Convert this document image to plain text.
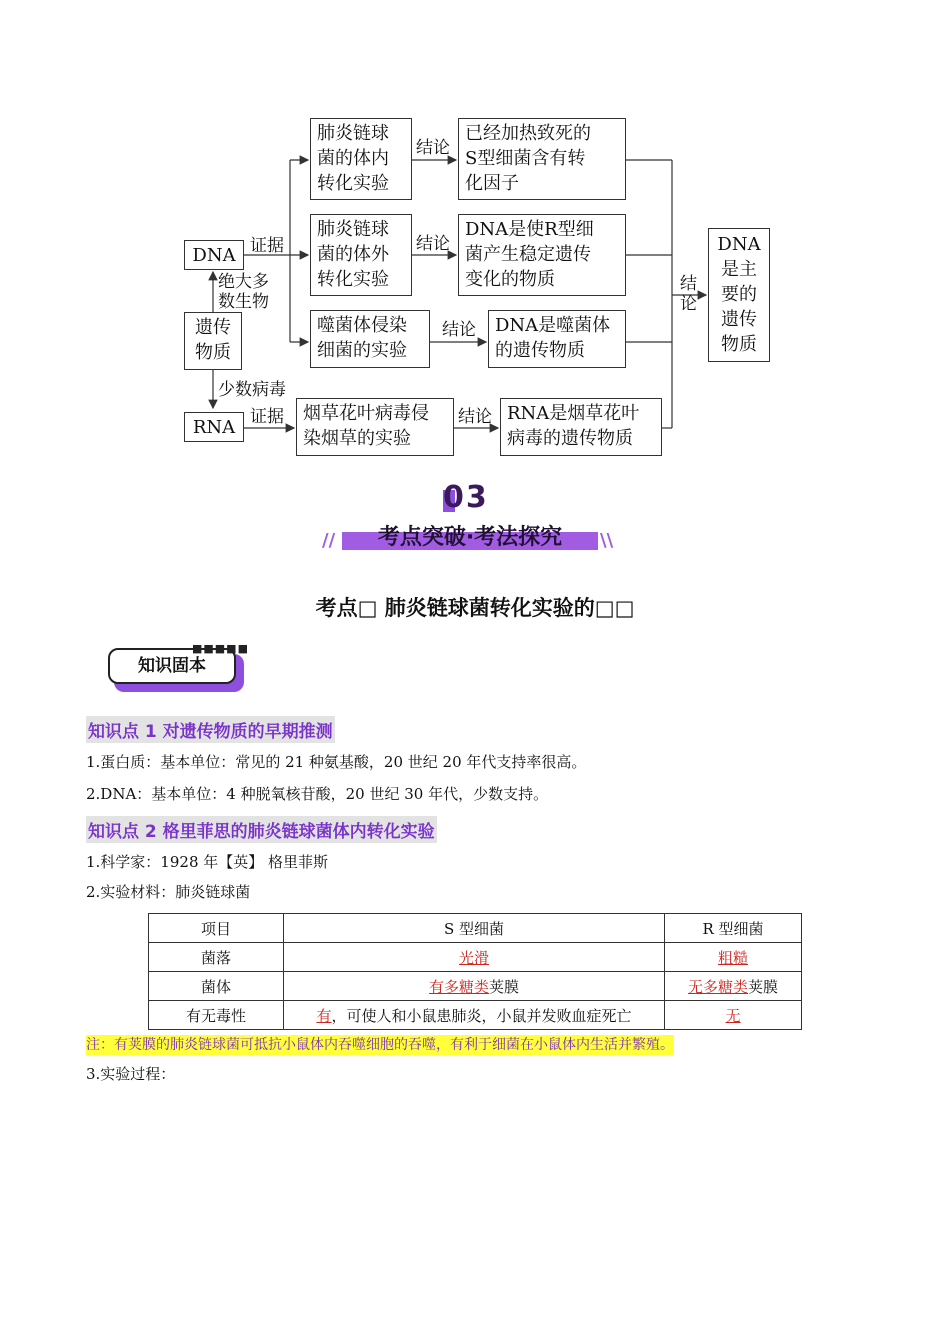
DNA
遗传
物质
RNA
绝大多
数生物
少数病毒
证据
证据
肺炎链球
菌的体内
转化实验
结论
已经加热致死的
S型细菌含有转
化因子
肺炎链球
菌的体外
转化实验
结论
DNA是使R型细
菌产生稳定遗传
变化的物质
噬菌体侵染
细菌的实验
结论 DNA是噬菌体
的遗传物质
烟草花叶病毒侵
染烟草的实验
结论 RNA是烟草花叶
病毒的遗传物质
结
论
DNA
是主
要的
遗传
物质
03
//	考点突破·考法探究	\\
考点□ 肺炎链球菌转化实验的□□
知识固本
■■■■■
知识点 1 对遗传物质的早期推测
1.蛋白质：基本单位：常见的 21 种氨基酸，20 世纪 20 年代支持率很高。
2.DNA：基本单位：4 种脱氧核苷酸，20 世纪 30 年代，少数支持。
知识点 2 格里菲思的肺炎链球菌体内转化实验
1.科学家：1928 年【英】 格里菲斯
2.实验材料：肺炎链球菌
项目	S 型细菌	R 型细菌
菌落	光滑	粗糙
菌体	有多糖类荚膜	无多糖类荚膜
有无毒性	有，可使人和小鼠患肺炎，小鼠并发败血症死亡	无
注：有荚膜的肺炎链球菌可抵抗小鼠体内吞噬细胞的吞噬，有利于细菌在小鼠体内生活并繁殖。
3.实验过程：
